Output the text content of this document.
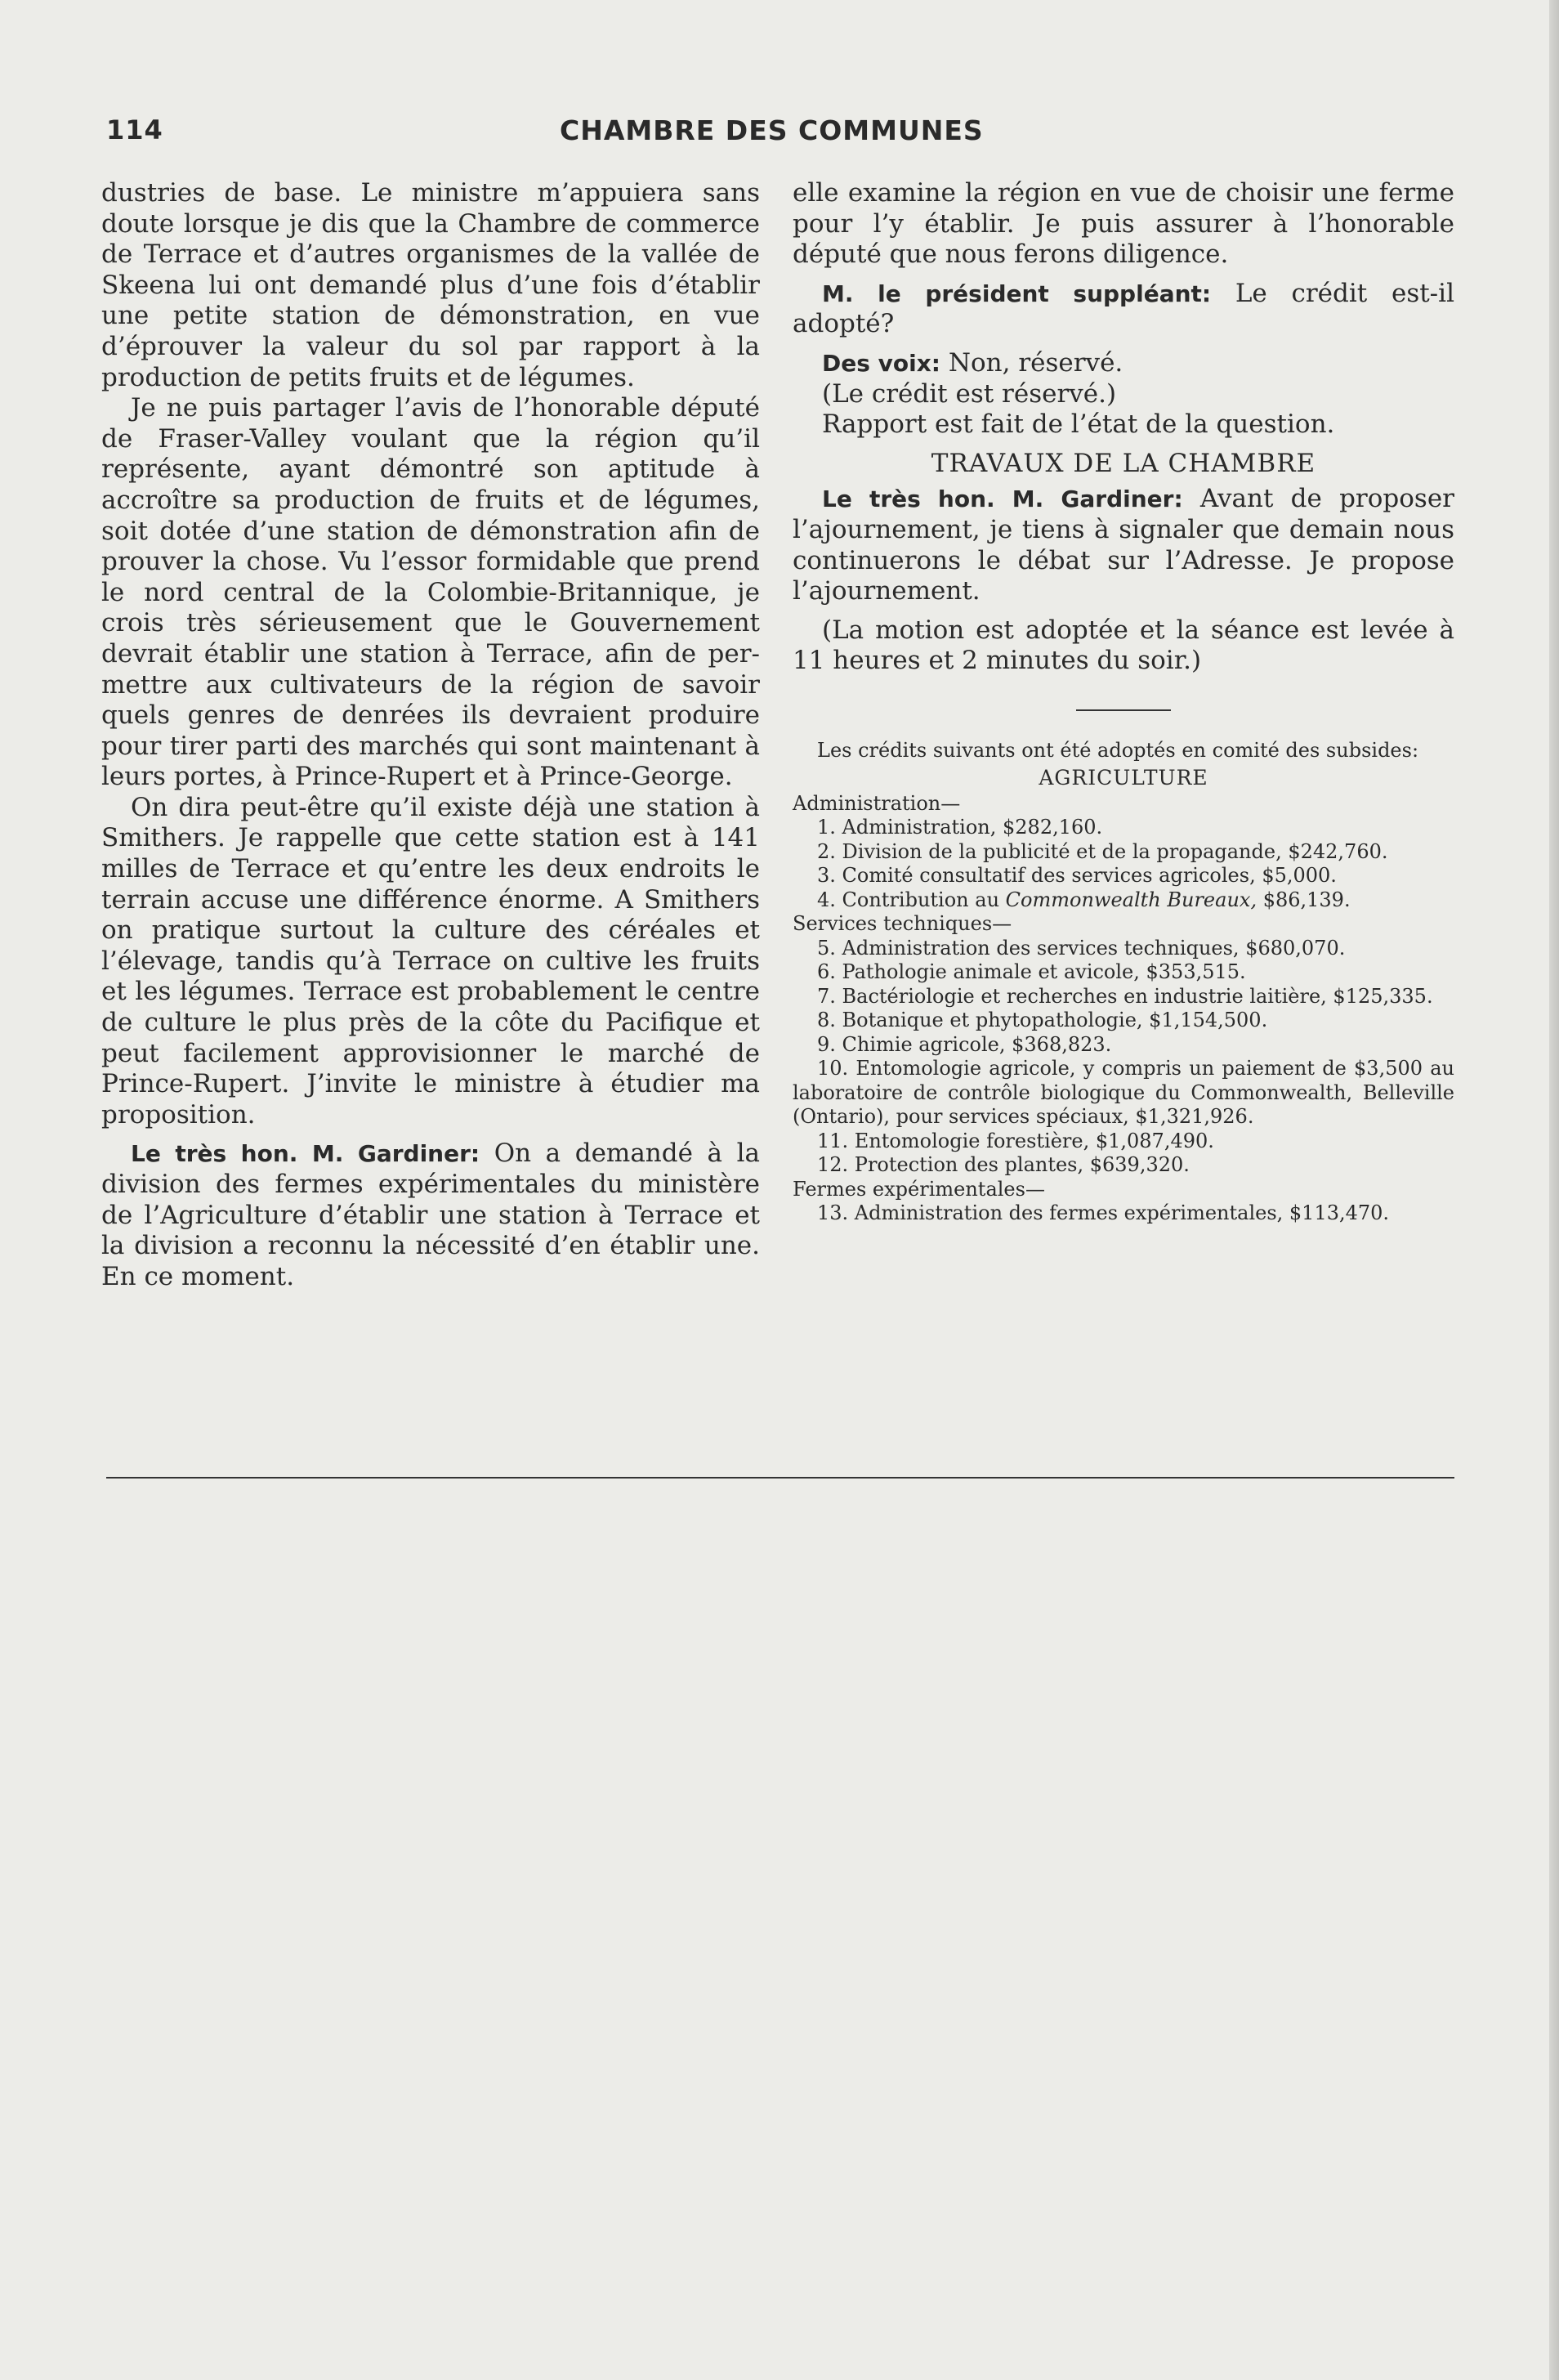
114	CHAMBRE DES COMMUNES

dustries de base. Le ministre m’appuiera sans doute lorsque je dis que la Chambre de commerce de Terrace et d’autres organismes de la vallée de Skeena lui ont demandé plus d’une fois d’établir une petite station de démonstration, en vue d’éprouver la valeur du sol par rapport à la production de petits fruits et de légumes.

Je ne puis partager l’avis de l’honorable député de Fraser-Valley voulant que la région qu’il représente, ayant démontré son aptitude à accroître sa production de fruits et de légumes, soit dotée d’une station de démonstration afin de prouver la chose. Vu l’essor formidable que prend le nord central de la Colombie-Britannique, je crois très sérieusement que le Gouvernement devrait établir une station à Terrace, afin de permettre aux cultivateurs de la région de savoir quels genres de denrées ils devraient produire pour tirer parti des marchés qui sont maintenant à leurs portes, à Prince-Rupert et à Prince-George.

On dira peut-être qu’il existe déjà une station à Smithers. Je rappelle que cette station est à 141 milles de Terrace et qu’entre les deux endroits le terrain accuse une différence énorme. A Smithers on pratique surtout la culture des céréales et l’élevage, tandis qu’à Terrace on cultive les fruits et les légumes. Terrace est probablement le centre de culture le plus près de la côte du Pacifique et peut facilement approvisionner le marché de Prince-Rupert. J’invite le ministre à étudier ma proposition.

Le très hon. M. Gardiner: On a demandé à la division des fermes expérimentales du ministère de l’Agriculture d’établir une station à Terrace et la division a reconnu la nécessité d’en établir une. En ce moment.

elle examine la région en vue de choisir une ferme pour l’y établir. Je puis assurer à l’honorable député que nous ferons diligence.

M. le président suppléant: Le crédit est-il adopté?

Des voix: Non, réservé.

(Le crédit est réservé.)

Rapport est fait de l’état de la question.

TRAVAUX DE LA CHAMBRE

Le très hon. M. Gardiner: Avant de proposer l’ajournement, je tiens à signaler que demain nous continuerons le débat sur l’Adresse. Je propose l’ajournement.

(La motion est adoptée et la séance est levée à 11 heures et 2 minutes du soir.)

Les crédits suivants ont été adoptés en comité des subsides:

AGRICULTURE

Administration—

1. Administration, $282,160.

2. Division de la publicité et de la propagande, $242,760.

3. Comité consultatif des services agricoles, $5,000.

4. Contribution au Commonwealth Bureaux, $86,139.

Services techniques—

5. Administration des services techniques, $680,070.

6. Pathologie animale et avicole, $353,515.

7. Bactériologie et recherches en industrie laitière, $125,335.

8. Botanique et phytopathologie, $1,154,500.

9. Chimie agricole, $368,823.

10. Entomologie agricole, y compris un paiement de $3,500 au laboratoire de contrôle biologique du Commonwealth, Belleville (Ontario), pour services spéciaux, $1,321,926.

11. Entomologie forestière, $1,087,490.

12. Protection des plantes, $639,320.

Fermes expérimentales—

13. Administration des fermes expérimentales, $113,470.
